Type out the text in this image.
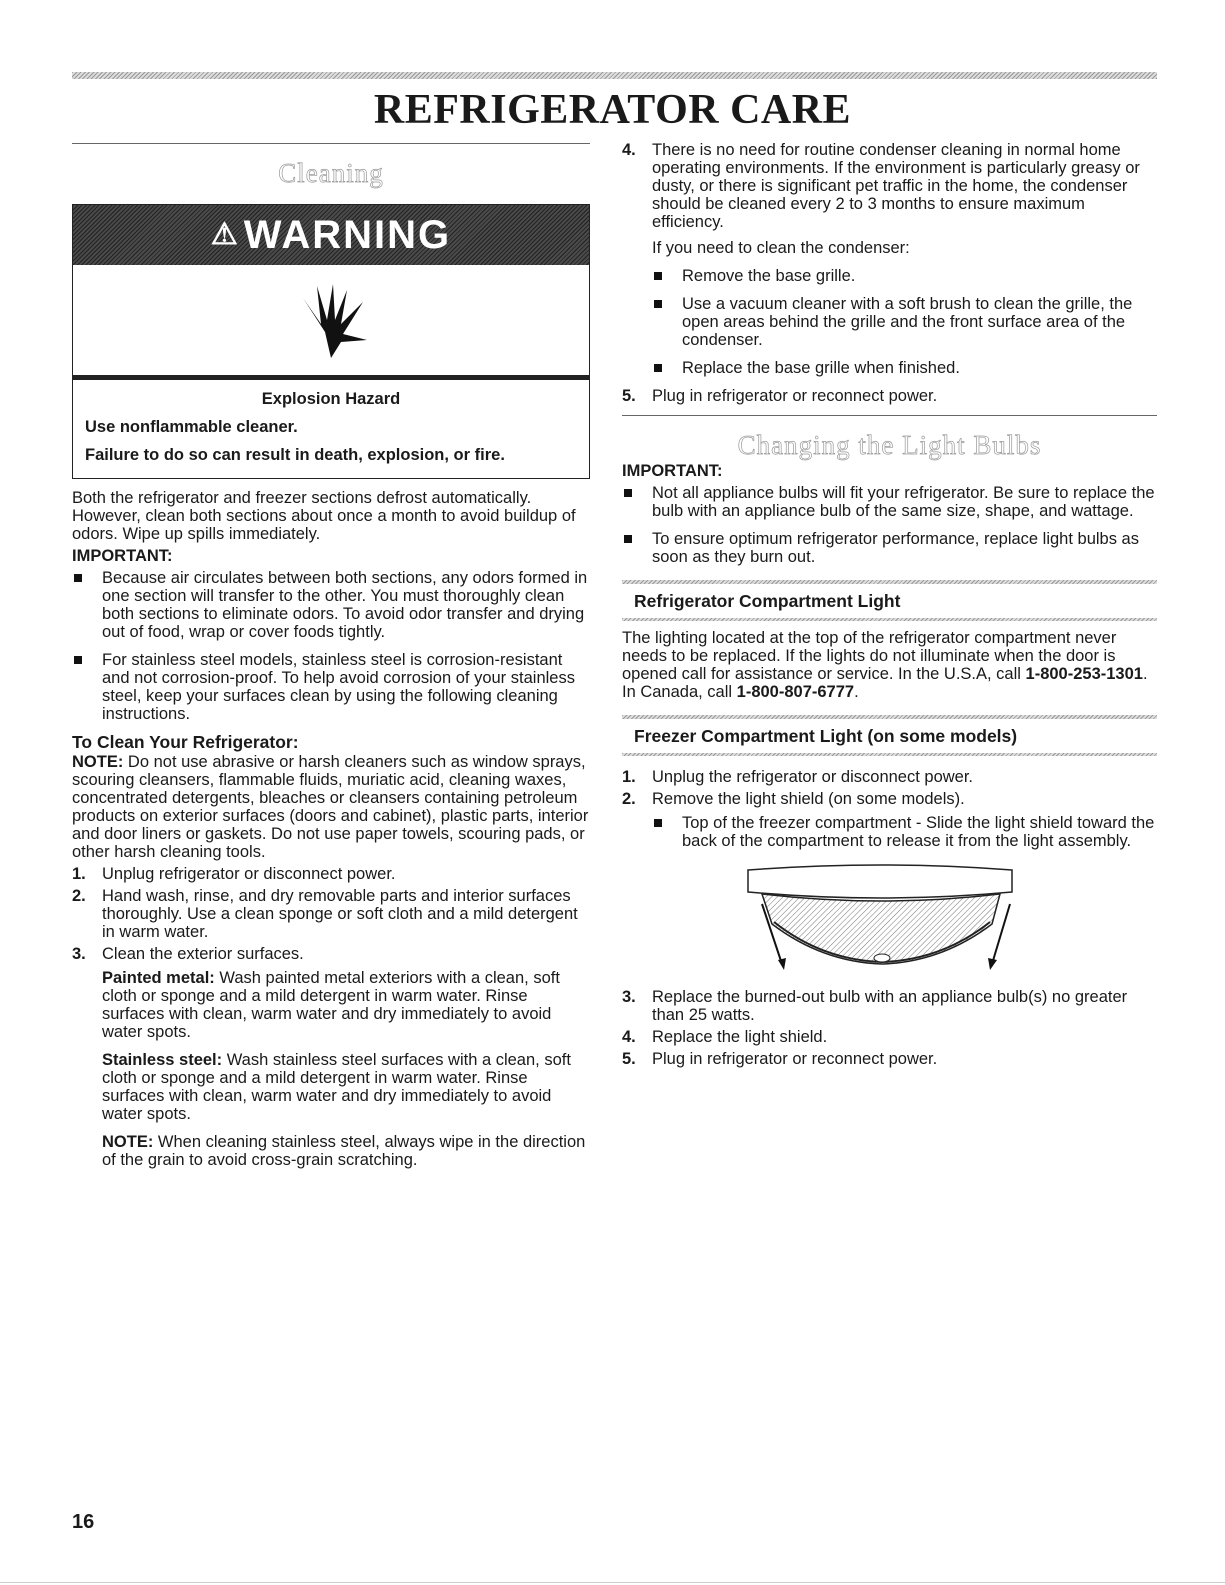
REFRIGERATOR CARE
Cleaning
⚠ WARNING

Explosion Hazard

Use nonflammable cleaner.

Failure to do so can result in death, explosion, or fire.

Both the refrigerator and freezer sections defrost automatically. However, clean both sections about once a month to avoid buildup of odors. Wipe up spills immediately.

IMPORTANT:

Because air circulates between both sections, any odors formed in one section will transfer to the other. You must thoroughly clean both sections to eliminate odors. To avoid odor transfer and drying out of food, wrap or cover foods tightly.
For stainless steel models, stainless steel is corrosion-resistant and not corrosion-proof. To help avoid corrosion of your stainless steel, keep your surfaces clean by using the following cleaning instructions.

To Clean Your Refrigerator:

NOTE: Do not use abrasive or harsh cleaners such as window sprays, scouring cleansers, flammable fluids, muriatic acid, cleaning waxes, concentrated detergents, bleaches or cleansers containing petroleum products on exterior surfaces (doors and cabinet), plastic parts, interior and door liners or gaskets. Do not use paper towels, scouring pads, or other harsh cleaning tools.

1. Unplug refrigerator or disconnect power.
2. Hand wash, rinse, and dry removable parts and interior surfaces thoroughly. Use a clean sponge or soft cloth and a mild detergent in warm water.
3. Clean the exterior surfaces.

Painted metal: Wash painted metal exteriors with a clean, soft cloth or sponge and a mild detergent in warm water. Rinse surfaces with clean, warm water and dry immediately to avoid water spots.

Stainless steel: Wash stainless steel surfaces with a clean, soft cloth or sponge and a mild detergent in warm water. Rinse surfaces with clean, warm water and dry immediately to avoid water spots.

NOTE: When cleaning stainless steel, always wipe in the direction of the grain to avoid cross-grain scratching.

4. There is no need for routine condenser cleaning in normal home operating environments. If the environment is particularly greasy or dusty, or there is significant pet traffic in the home, the condenser should be cleaned every 2 to 3 months to ensure maximum efficiency.

If you need to clean the condenser:

Remove the base grille.
Use a vacuum cleaner with a soft brush to clean the grille, the open areas behind the grille and the front surface area of the condenser.
Replace the base grille when finished.
5. Plug in refrigerator or reconnect power.
Changing the Light Bulbs

IMPORTANT:

Not all appliance bulbs will fit your refrigerator. Be sure to replace the bulb with an appliance bulb of the same size, shape, and wattage.
To ensure optimum refrigerator performance, replace light bulbs as soon as they burn out.
Refrigerator Compartment Light

The lighting located at the top of the refrigerator compartment never needs to be replaced. If the lights do not illuminate when the door is opened call for assistance or service. In the U.S.A, call 1-800-253-1301. In Canada, call 1-800-807-6777.

Freezer Compartment Light (on some models)
1. Unplug the refrigerator or disconnect power.
2. Remove the light shield (on some models).
Top of the freezer compartment - Slide the light shield toward the back of the compartment to release it from the light assembly.
3. Replace the burned-out bulb with an appliance bulb(s) no greater than 25 watts.
4. Replace the light shield.
5. Plug in refrigerator or reconnect power.
16
